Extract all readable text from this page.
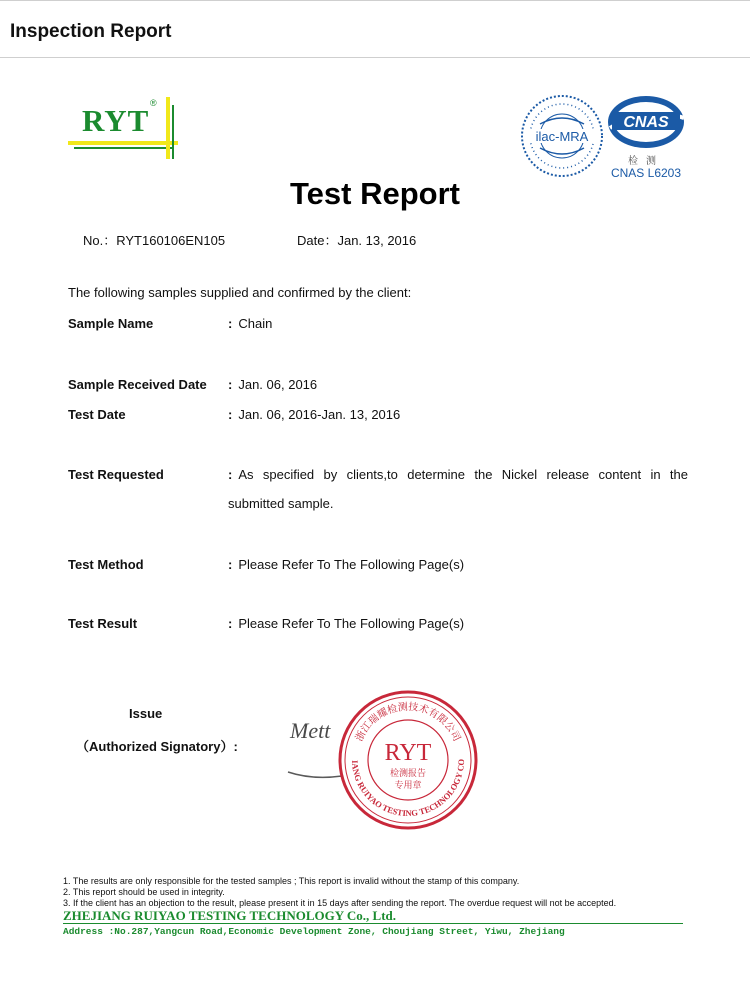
Inspection Report
RYT ®
ilac-MRA
CNAS
检测
CNAS L6203
Test Report
No.：RYT160106EN105	Date：Jan. 13, 2016
The following samples supplied and confirmed by the client:
Sample Name	: Chain
Sample Received Date : Jan. 06, 2016
Test Date	: Jan. 06, 2016-Jan. 13, 2016
Test Requested	: As specified by clients,to determine the Nickel release content in the submitted sample.
Test Method	: Please Refer To The Following Page(s)
Test Result	: Please Refer To The Following Page(s)
Issue
（Authorized Signatory）:
Mett 浙江瑞耀检测技术有限公司
IANG RUIYAO TESTING TECHNOLOGY CO
RYT
检测报告
专用章
1. The results are only responsible for the tested samples ; This report is invalid without the stamp of this company.
2. This report should be used in integrity.
3. If the client has an objection to the result, please present it in 15 days after sending the report. The overdue request will not be accepted.
ZHEJIANG RUIYAO TESTING TECHNOLOGY Co., Ltd.
Address :No.287,Yangcun Road,Economic Development Zone, Choujiang Street, Yiwu, Zhejiang
